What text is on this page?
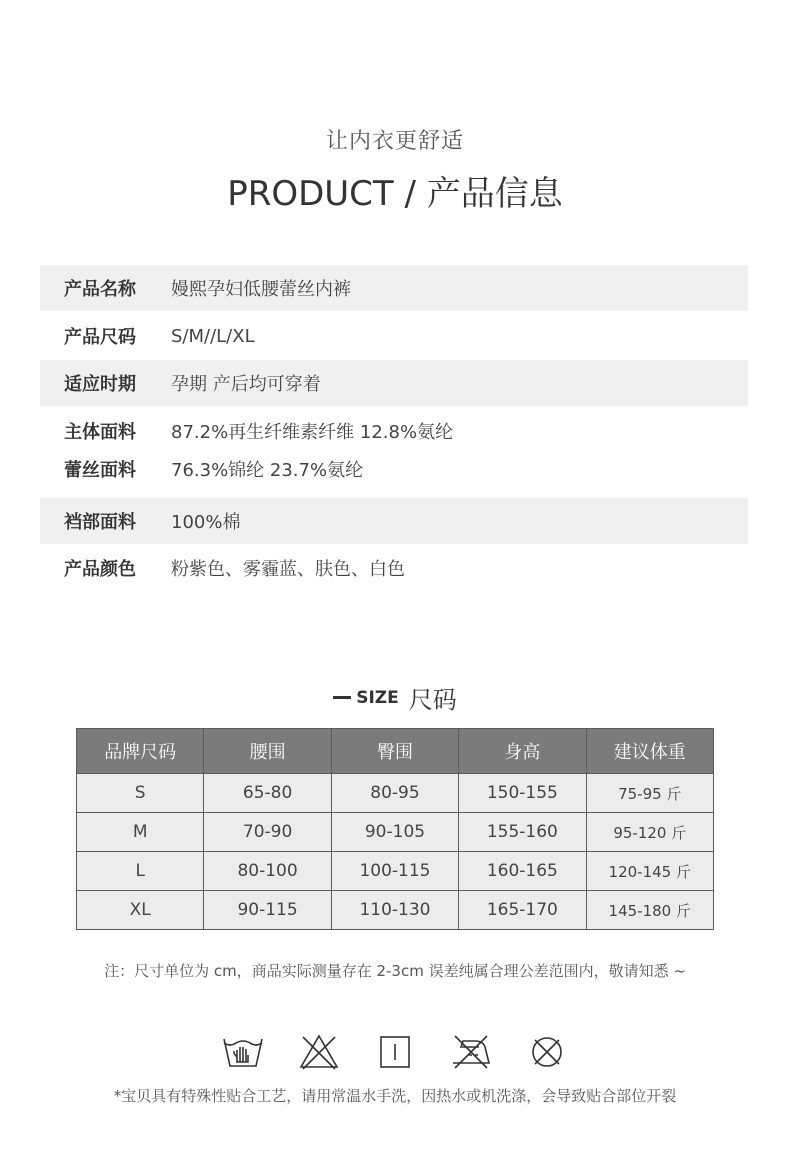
让内衣更舒适
PRODUCT / 产品信息
产品名称	嫚熙孕妇低腰蕾丝内裤
产品尺码	S/M//L/XL
适应时期	孕期 产后均可穿着
主体面料	87.2%再生纤维素纤维 12.8%氨纶
蕾丝面料	76.3%锦纶 23.7%氨纶
裆部面料	100%棉
产品颜色	粉紫色、雾霾蓝、肤色、白色
SIZE 尺码
品牌尺码	腰围	臀围	身高	建议体重
S	65-80	80-95	150-155	75-95 斤
M	70-90	90-105	155-160	95-120 斤
L	80-100	100-115	160-165	120-145 斤
XL	90-115	110-130	165-170	145-180 斤
注：尺寸单位为 cm，商品实际测量存在 2-3cm 误差纯属合理公差范围内，敬请知悉 ~
*宝贝具有特殊性贴合工艺，请用常温水手洗，因热水或机洗涤，会导致贴合部位开裂
